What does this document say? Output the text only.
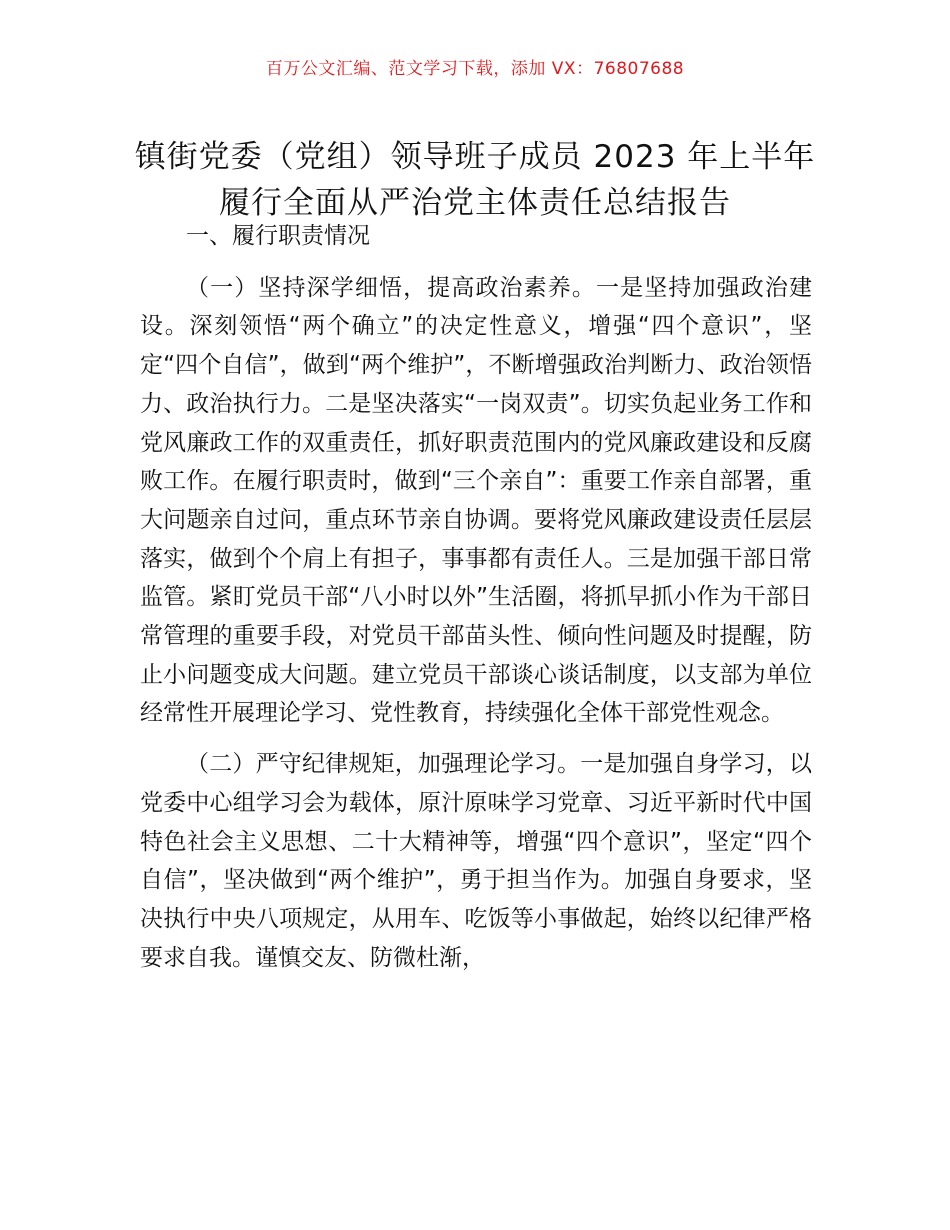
百万公文汇编、范文学习下载，添加 VX：76807688
镇街党委（党组）领导班子成员 2023 年上半年
履行全面从严治党主体责任总结报告

一、履行职责情况

（一）坚持深学细悟，提高政治素养。一是坚持加强政治建设。深刻领悟“两个确立”的决定性意义，增强“四个意识”，坚定“四个自信”，做到“两个维护”，不断增强政治判断力、政治领悟力、政治执行力。二是坚决落实“一岗双责”。切实负起业务工作和党风廉政工作的双重责任，抓好职责范围内的党风廉政建设和反腐败工作。在履行职责时，做到“三个亲自”：重要工作亲自部署，重大问题亲自过问，重点环节亲自协调。要将党风廉政建设责任层层落实，做到个个肩上有担子，事事都有责任人。三是加强干部日常监管。紧盯党员干部“八小时以外”生活圈，将抓早抓小作为干部日常管理的重要手段，对党员干部苗头性、倾向性问题及时提醒，防止小问题变成大问题。建立党员干部谈心谈话制度，以支部为单位经常性开展理论学习、党性教育，持续强化全体干部党性观念。

（二）严守纪律规矩，加强理论学习。一是加强自身学习，以党委中心组学习会为载体，原汁原味学习党章、习近平新时代中国特色社会主义思想、二十大精神等，增强“四个意识”，坚定“四个自信”，坚决做到“两个维护”，勇于担当作为。加强自身要求，坚决执行中央八项规定，从用车、吃饭等小事做起，始终以纪律严格要求自我。谨慎交友、防微杜渐，
